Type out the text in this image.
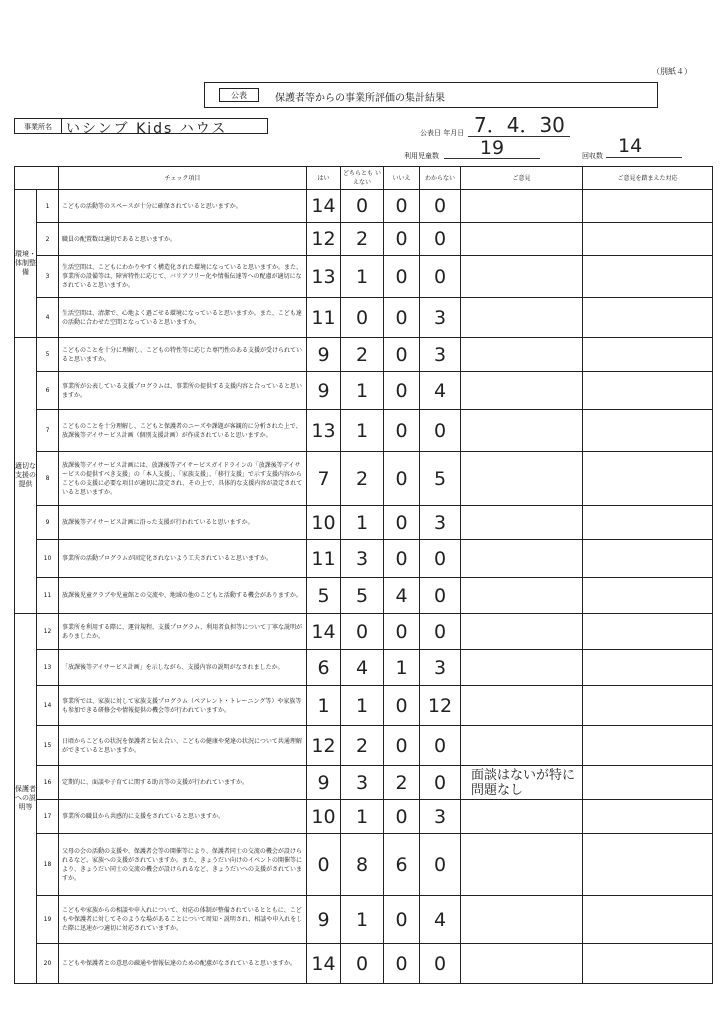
（別紙４）
公表	保護者等からの事業所評価の集計結果
事業所名	いシンブ Kids ハウス	公表日 年月日 7．4．30
利用児童数	19	回収数 14
		チェック項目	はい	どちらとも いえない	いいえ	わからない	ご意見	ご意見を踏まえた対応
環境・体制整備	1	こどもの活動等のスペースが十分に確保されていると思いますか。	14	0	0	0		
	2	職員の配置数は適切であると思いますか。	12	2	0	0		
	3	生活空間は、こどもにわかりやすく構造化された環境になっていると思いますか。また、事業所の設備等は、障害特性に応じて、バリアフリー化や情報伝達等への配慮が適切になされていると思いますか。	13	1	0	0		
	4	生活空間は、清潔で、心地よく過ごせる環境になっていると思いますか。また、こども達の活動に合わせた空間となっていると思いますか。	11	0	0	3		
適切な支援の提供	5	こどものことを十分に理解し、こどもの特性等に応じた専門性のある支援が受けられていると思いますか。	9	2	0	3		
	6	事業所が公表している支援プログラムは、事業所の提供する支援内容と合っていると思いますか。	9	1	0	4		
	7	こどものことを十分理解し、こどもと保護者のニーズや課題が客観的に分析された上で、放課後等デイサービス計画（個別支援計画）が作成されていると思いますか。	13	1	0	0		
	8	放課後等デイサービス計画には、放課後等デイサービスガイドラインの「放課後等デイサービスの提供すべき支援」の「本人支援」、「家族支援」、「移行支援」で示す支援内容からこどもの支援に必要な項目が適切に設定され、その上で、具体的な支援内容が設定されていると思いますか。	7	2	0	5		
	9	放課後等デイサービス計画に沿った支援が行われていると思いますか。	10	1	0	3		
	10	事業所の活動プログラムが固定化されないよう工夫されていると思いますか。	11	3	0	0		
	11	放課後児童クラブや児童館との交流や、地域の他のこどもと活動する機会がありますか。	5	5	4	0		
保護者への説明等	12	事業所を利用する際に、運営規程、支援プログラム、利用者負担等について丁寧な説明がありましたか。	14	0	0	0		
	13	「放課後等デイサービス計画」を示しながら、支援内容の説明がなされましたか。	6	4	1	3		
	14	事業所では、家族に対して家族支援プログラム（ペアレント・トレーニング等）や家族等も参加できる研修会や情報提供の機会等が行われていますか。	1	1	0	12		
	15	日頃からこどもの状況を保護者と伝え合い、こどもの健康や発達の状況について共通理解ができていると思いますか。	12	2	0	0		
	16	定期的に、面談や子育てに関する助言等の支援が行われていますか。	9	3	2	0	面談はないが特に問題なし	
	17	事業所の職員から共感的に支援をされていると思いますか。	10	1	0	3		
	18	父母の会の活動の支援や、保護者会等の開催等により、保護者同士の交流の機会が設けられるなど、家族への支援がされていますか。また、きょうだい向けのイベントの開催等により、きょうだい同士の交流の機会が設けられるなど、きょうだいへの支援がされていますか。	0	8	6	0		
	19	こどもや家族からの相談や申入れについて、対応の体制が整備されているとともに、こどもや保護者に対してそのような場があることについて周知・説明され、相談や申入れをした際に迅速かつ適切に対応されていますか。	9	1	0	4		
	20	こどもや保護者との意思の疎通や情報伝達のための配慮がなされていると思いますか。	14	0	0	0		
